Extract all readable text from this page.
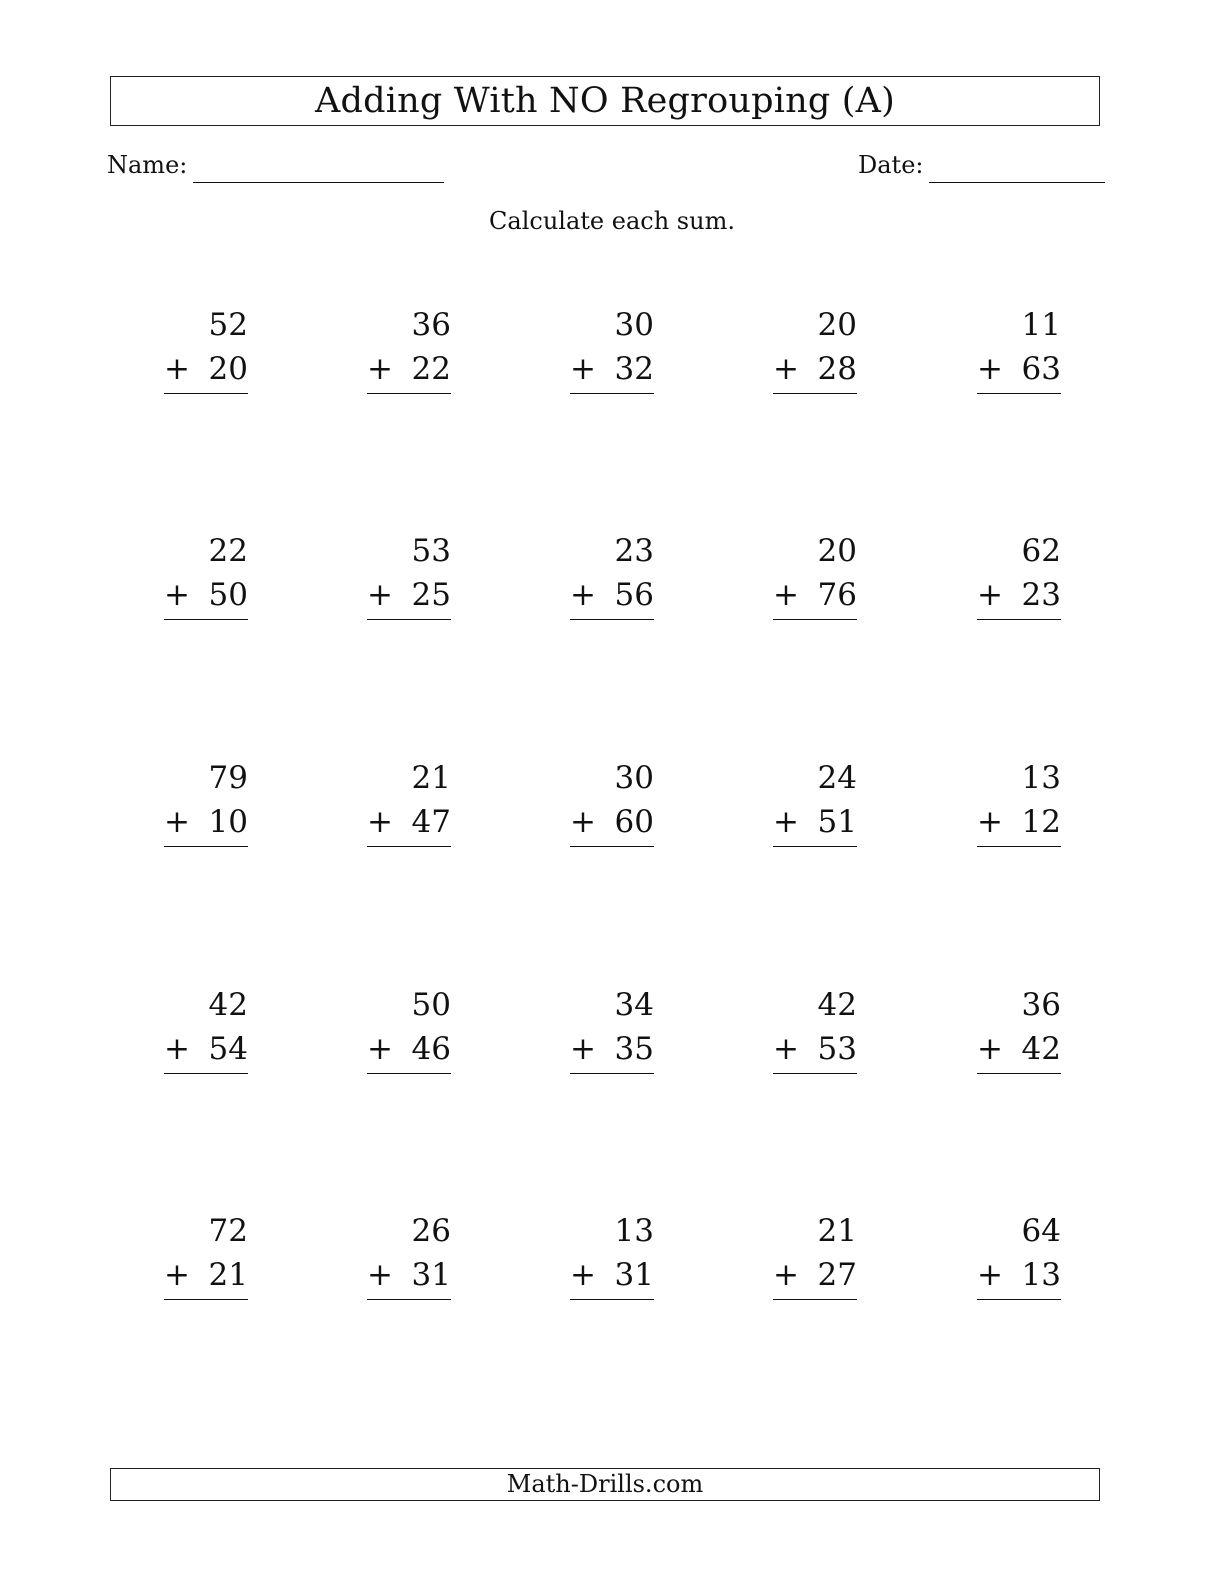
Adding With NO Regrouping (A)
Name:	Date:
Calculate each sum.
52
+ 20
36
+ 22
30
+ 32
20
+ 28
11
+ 63
22
+ 50
53
+ 25
23
+ 56
20
+ 76
62
+ 23
79
+ 10
21
+ 47
30
+ 60
24
+ 51
13
+ 12
42
+ 54
50
+ 46
34
+ 35
42
+ 53
36
+ 42
72
+ 21
26
+ 31
13
+ 31
21
+ 27
64
+ 13
Math-Drills.com
